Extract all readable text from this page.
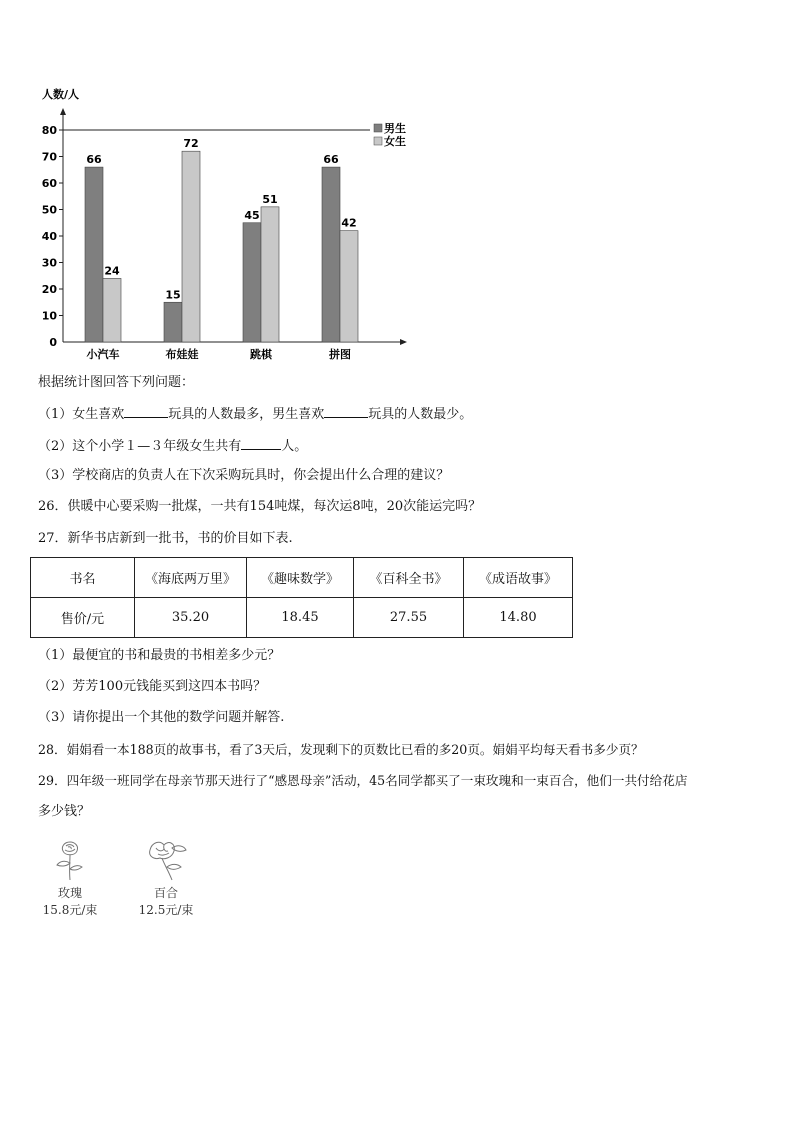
人数/人
0
10
20
30
40
50
60
70
80
66
24
小汽车
15
72
布娃娃
45
51
跳棋
66
42
拼图
男生
女生
根据统计图回答下列问题：
（1）女生喜欢	玩具的人数最多，男生喜欢	玩具的人数最少。
（2）这个小学１—３年级女生共有	人。
（3）学校商店的负责人在下次采购玩具时，你会提出什么合理的建议？
26．供暖中心要采购一批煤，一共有154吨煤，每次运8吨，20次能运完吗？
27．新华书店新到一批书，书的价目如下表.
书名	《海底两万里》	《趣味数学》	《百科全书》	《成语故事》
售价/元	35.20	18.45	27.55	14.80
（1）最便宜的书和最贵的书相差多少元？
（2）芳芳100元钱能买到这四本书吗？
（3）请你提出一个其他的数学问题并解答.
28．娟娟看一本188页的故事书，看了3天后，发现剩下的页数比已看的多20页。娟娟平均每天看书多少页？
29．四年级一班同学在母亲节那天进行了“感恩母亲”活动，45名同学都买了一束玫瑰和一束百合，他们一共付给花店
多少钱？
玫瑰
15.8元/束
百合
12.5元/束
